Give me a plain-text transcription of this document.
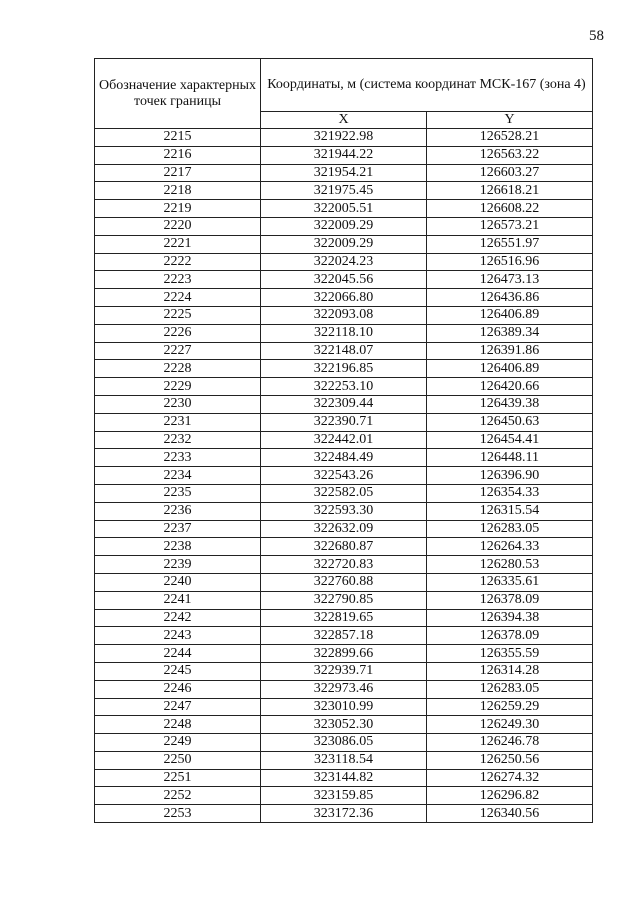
58
Обозначение характерных точек границы	Координаты, м (система координат МСК-167 (зона 4)	
	X	Y
2215	321922.98	126528.21
2216	321944.22	126563.22
2217	321954.21	126603.27
2218	321975.45	126618.21
2219	322005.51	126608.22
2220	322009.29	126573.21
2221	322009.29	126551.97
2222	322024.23	126516.96
2223	322045.56	126473.13
2224	322066.80	126436.86
2225	322093.08	126406.89
2226	322118.10	126389.34
2227	322148.07	126391.86
2228	322196.85	126406.89
2229	322253.10	126420.66
2230	322309.44	126439.38
2231	322390.71	126450.63
2232	322442.01	126454.41
2233	322484.49	126448.11
2234	322543.26	126396.90
2235	322582.05	126354.33
2236	322593.30	126315.54
2237	322632.09	126283.05
2238	322680.87	126264.33
2239	322720.83	126280.53
2240	322760.88	126335.61
2241	322790.85	126378.09
2242	322819.65	126394.38
2243	322857.18	126378.09
2244	322899.66	126355.59
2245	322939.71	126314.28
2246	322973.46	126283.05
2247	323010.99	126259.29
2248	323052.30	126249.30
2249	323086.05	126246.78
2250	323118.54	126250.56
2251	323144.82	126274.32
2252	323159.85	126296.82
2253	323172.36	126340.56
